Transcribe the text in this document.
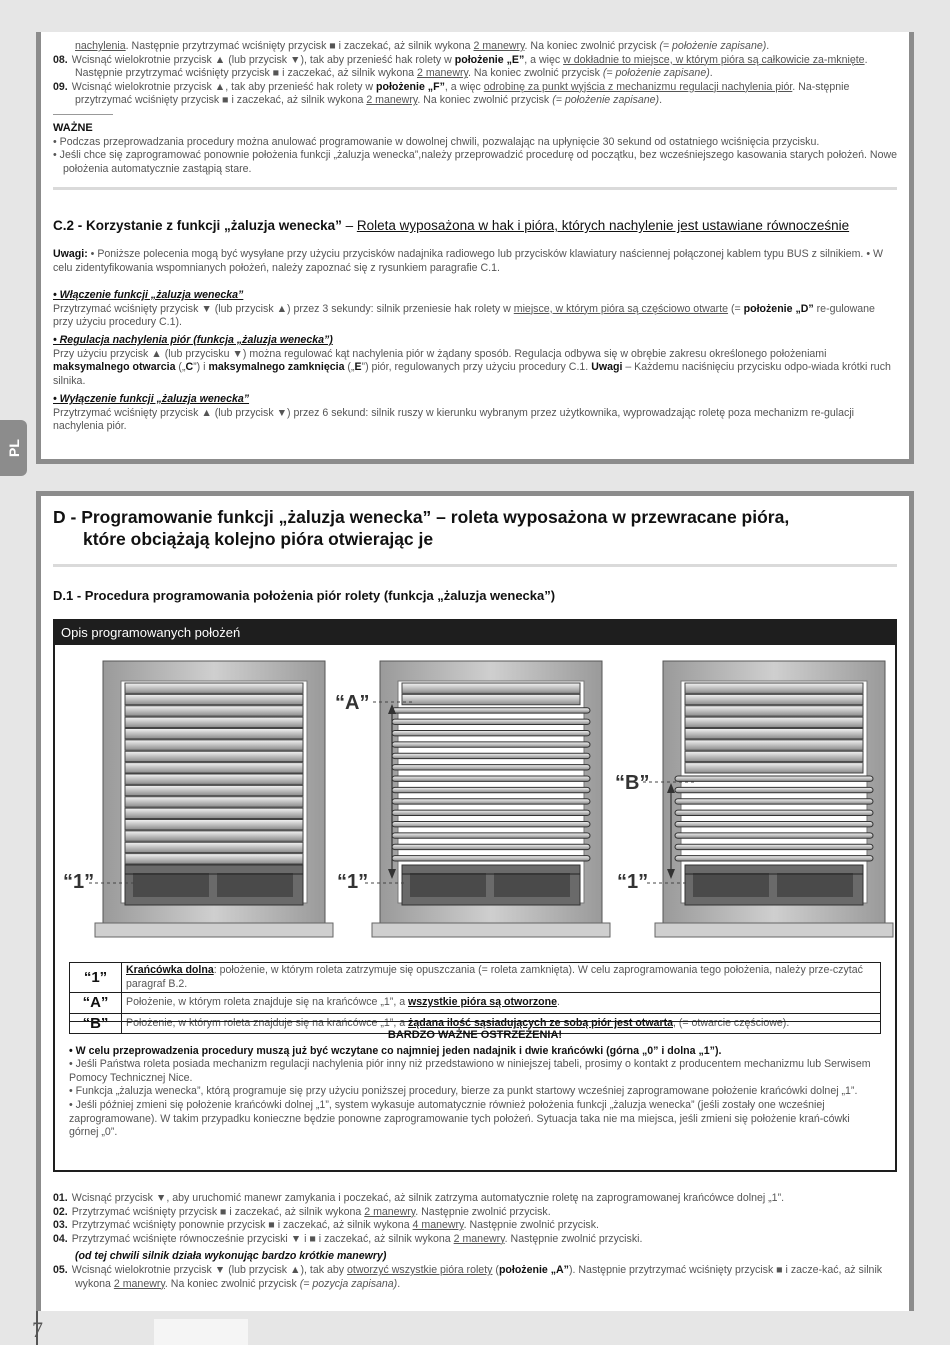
PL

nachylenia. Następnie przytrzymać wciśnięty przycisk ■ i zaczekać, aż silnik wykona 2 manewry. Na koniec zwolnić przycisk (= położenie zapisane).

08. Wcisnąć wielokrotnie przycisk ▲ (lub przycisk ▼), tak aby przenieść hak rolety w położenie „E”, a więc w dokładnie to miejsce, w którym pióra są całkowicie za-mknięte. Następnie przytrzymać wciśnięty przycisk ■ i zaczekać, aż silnik wykona 2 manewry. Na koniec zwolnić przycisk (= położenie zapisane).

09. Wcisnąć wielokrotnie przycisk ▲, tak aby przenieść hak rolety w położenie „F”, a więc odrobinę za punkt wyjścia z mechanizmu regulacji nachylenia piór. Na-stępnie przytrzymać wciśnięty przycisk ■ i zaczekać, aż silnik wykona 2 manewry. Na koniec zwolnić przycisk (= położenie zapisane).

WAŻNE

• Podczas przeprowadzania procedury można anulować programowanie w dowolnej chwili, pozwalając na upłynięcie 30 sekund od ostatniego wciśnięcia przycisku.

• Jeśli chce się zaprogramować ponownie położenia funkcji „żaluzja wenecka”,należy przeprowadzić procedurę od początku, bez wcześniejszego kasowania starych położeń. Nowe położenia automatycznie zastąpią stare.

C.2 - Korzystanie z funkcji „żaluzja wenecka” – Roleta wyposażona w hak i pióra, których nachylenie jest ustawiane równocześnie

Uwagi: • Poniższe polecenia mogą być wysyłane przy użyciu przycisków nadajnika radiowego lub przycisków klawiatury naściennej połączonej kablem typu BUS z silnikiem. • W celu zidentyfikowania wspomnianych położeń, należy zapoznać się z rysunkiem paragrafie C.1.

• Włączenie funkcji „żaluzja wenecka”

Przytrzymać wciśnięty przycisk ▼ (lub przycisk ▲) przez 3 sekundy: silnik przeniesie hak rolety w miejsce, w którym pióra są częściowo otwarte (= położenie „D” re-gulowane przy użyciu procedury C.1).

• Regulacja nachylenia piór (funkcja „żaluzja wenecka”)

Przy użyciu przycisk ▲ (lub przycisku ▼) można regulować kąt nachylenia piór w żądany sposób. Regulacja odbywa się w obrębie zakresu określonego położeniami maksymalnego otwarcia („C”) i maksymalnego zamknięcia („E”) piór, regulowanych przy użyciu procedury C.1. Uwagi – Każdemu naciśnięciu przycisku odpo-wiada krótki ruch silnika.

• Wyłączenie funkcji „żaluzja wenecka”

Przytrzymać wciśnięty przycisk ▲ (lub przycisk ▼) przez 6 sekund: silnik ruszy w kierunku wybranym przez użytkownika, wyprowadzając roletę poza mechanizm re-gulacji nachylenia piór.

D - Programowanie funkcji „żaluzja wenecka” – roleta wyposażona w przewracane pióra,
które obciążają kolejno pióra otwierając je
D.1 - Procedura programowania położenia piór rolety (funkcja „żaluzja wenecka”)
Opis programowanych położeń
“1”	“1”
“A”
“1”
“B”
“1”	Krańcówka dolna: położenie, w którym roleta zatrzymuje się opuszczania (= roleta zamknięta). W celu zaprogramowania tego położenia, należy prze-czytać paragraf B.2.
“A”	Położenie, w którym roleta znajduje się na krańcówce „1”, a wszystkie pióra są otworzone.
“B”	Położenie, w którym roleta znajduje się na krańcówce „1”, a żądana ilość sąsiadujących ze sobą piór jest otwarta, (= otwarcie częściowe).

BARDZO WAŻNE OSTRZEŻENIA!

• W celu przeprowadzenia procedury muszą już być wczytane co najmniej jeden nadajnik i dwie krańcówki (górna „0” i dolna „1”).

• Jeśli Państwa roleta posiada mechanizm regulacji nachylenia piór inny niż przedstawiono w niniejszej tabeli, prosimy o kontakt z producentem mechanizmu lub Serwisem Pomocy Technicznej Nice.

• Funkcja „żaluzja wenecka”, którą programuje się przy użyciu poniższej procedury, bierze za punkt startowy wcześniej zaprogramowane położenie krańcówki dolnej „1”.

• Jeśli później zmieni się położenie krańcówki dolnej „1”, system wykasuje automatycznie również położenia funkcji „żaluzja wenecka” (jeśli zostały one wcześniej zaprogramowane). W takim przypadku konieczne będzie ponowne zaprogramowanie tych położeń. Sytuacja taka nie ma miejsca, jeśli zmieni się położenie krań-cówki górnej „0”.

01. Wcisnąć przycisk ▼, aby uruchomić manewr zamykania i poczekać, aż silnik zatrzyma automatycznie roletę na zaprogramowanej krańcówce dolnej „1”.

02. Przytrzymać wciśnięty przycisk ■ i zaczekać, aż silnik wykona 2 manewry. Następnie zwolnić przycisk.

03. Przytrzymać wciśnięty ponownie przycisk ■ i zaczekać, aż silnik wykona 4 manewry. Następnie zwolnić przycisk.

04. Przytrzymać wciśnięte równocześnie przyciski ▼ i ■ i zaczekać, aż silnik wykona 2 manewry. Następnie zwolnić przyciski.

(od tej chwili silnik działa wykonując bardzo krótkie manewry)

05. Wcisnąć wielokrotnie przycisk ▼ (lub przycisk ▲), tak aby otworzyć wszystkie pióra rolety (położenie „A”). Następnie przytrzymać wciśnięty przycisk ■ i zacze-kać, aż silnik wykona 2 manewry. Na koniec zwolnić przycisk (= pozycja zapisana).

7
